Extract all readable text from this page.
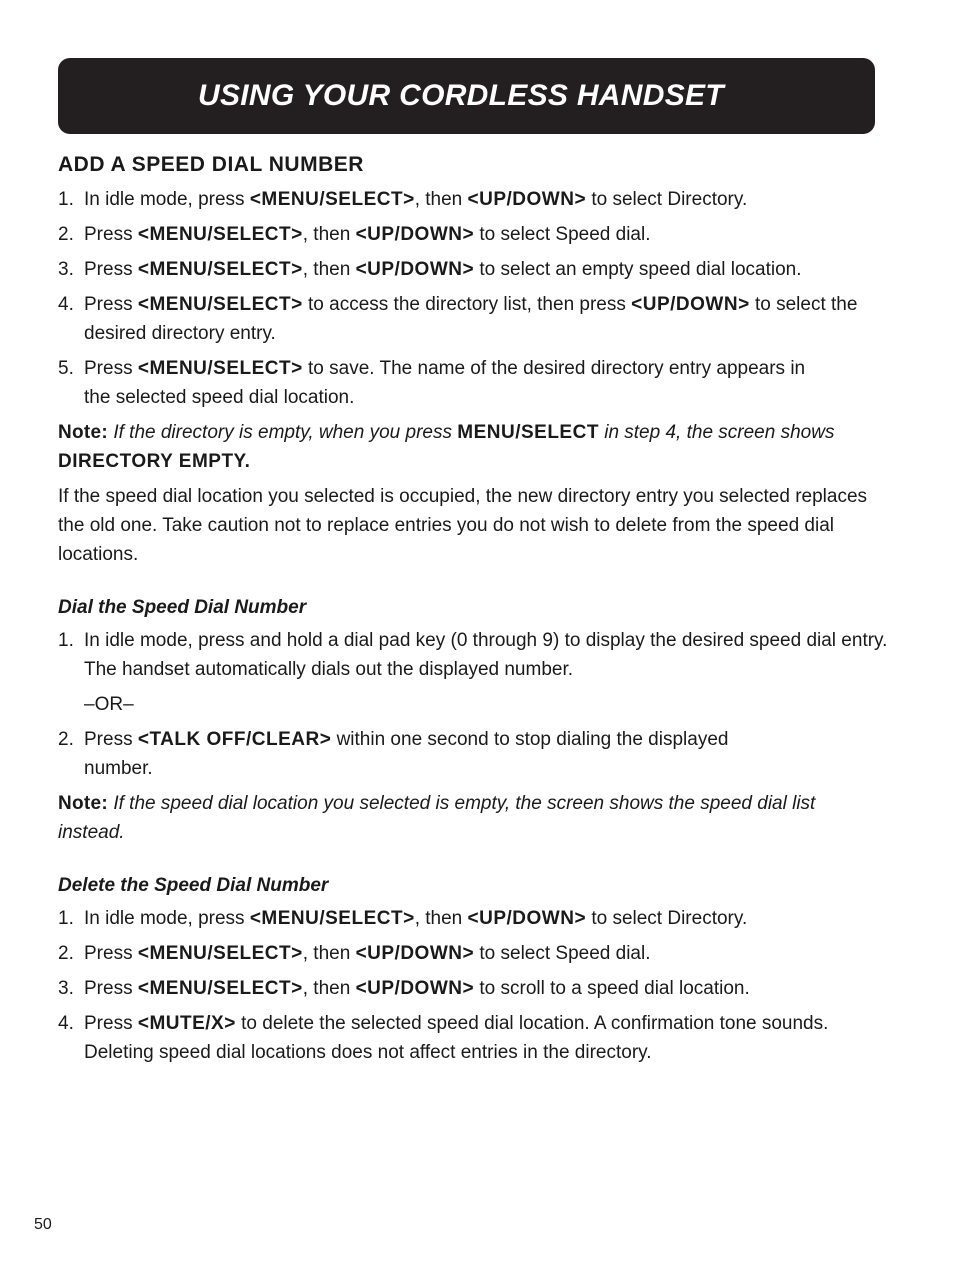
USING YOUR CORDLESS HANDSET
ADD A SPEED DIAL NUMBER
1. In idle mode, press <MENU/SELECT>, then <UP/DOWN> to select Directory.
2. Press <MENU/SELECT>, then <UP/DOWN> to select Speed dial.
3. Press <MENU/SELECT>, then <UP/DOWN> to select an empty speed dial location.
4. Press <MENU/SELECT> to access the directory list, then press <UP/DOWN> to select the desired directory entry.
5. Press <MENU/SELECT> to save. The name of the desired directory entry appears in the selected speed dial location.

Note: If the directory is empty, when you press MENU/SELECT in step 4, the screen shows DIRECTORY EMPTY.

If the speed dial location you selected is occupied, the new directory entry you selected replaces the old one. Take caution not to replace entries you do not wish to delete from the speed dial locations.

Dial the Speed Dial Number
1. In idle mode, press and hold a dial pad key (0 through 9) to display the desired speed dial entry. The handset automatically dials out the displayed number.

–OR–

2. Press <TALK OFF/CLEAR> within one second to stop dialing the displayed number.

Note: If the speed dial location you selected is empty, the screen shows the speed dial list instead.

Delete the Speed Dial Number
1. In idle mode, press <MENU/SELECT>, then <UP/DOWN> to select Directory.
2. Press <MENU/SELECT>, then <UP/DOWN> to select Speed dial.
3. Press <MENU/SELECT>, then <UP/DOWN> to scroll to a speed dial location.
4. Press <MUTE/X> to delete the selected speed dial location. A confirmation tone sounds. Deleting speed dial locations does not affect entries in the directory.
50
